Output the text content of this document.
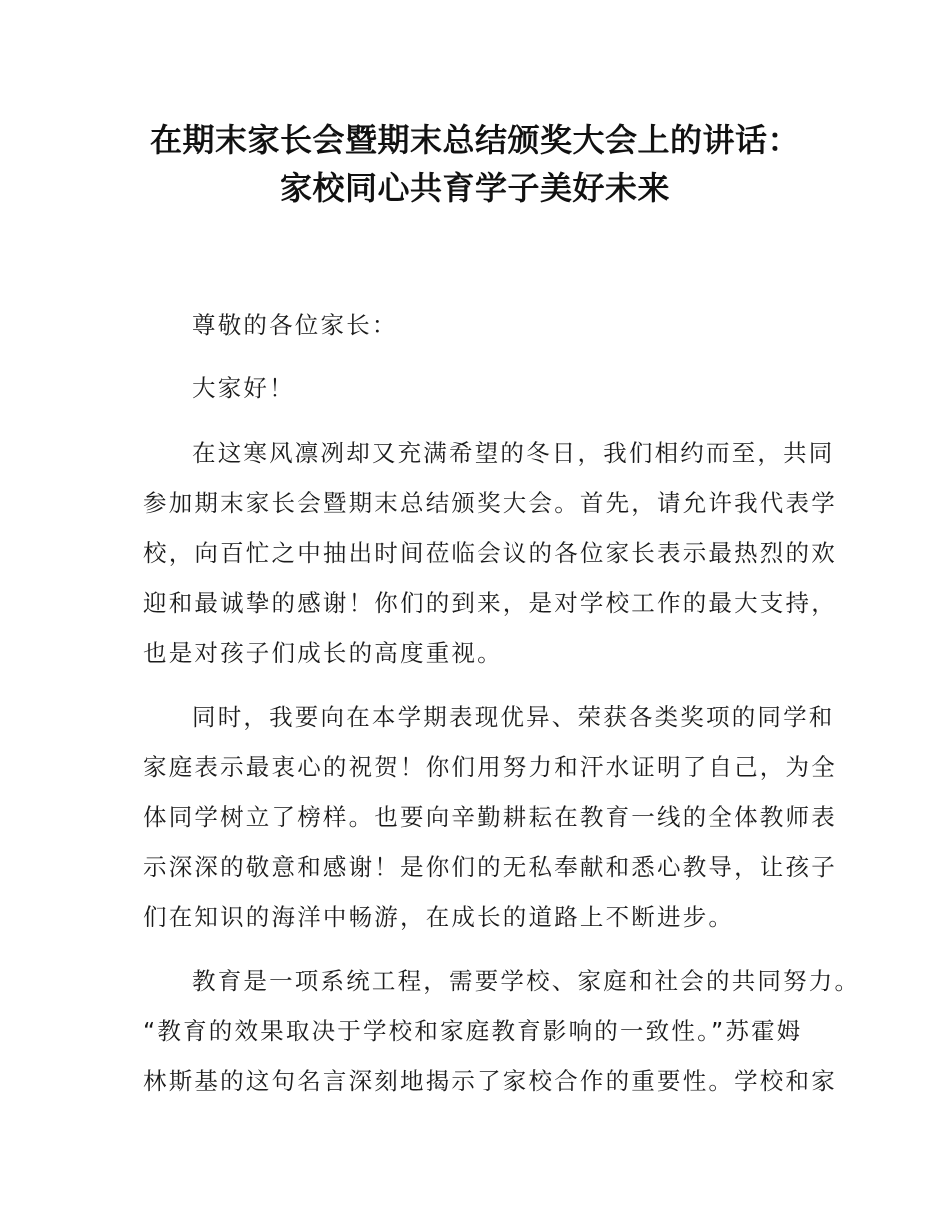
在期末家长会暨期末总结颁奖大会上的讲话：
家校同心共育学子美好未来
尊敬的各位家长：
大家好！
在这寒风凛冽却又充满希望的冬日，我们相约而至，共同
参加期末家长会暨期末总结颁奖大会。首先，请允许我代表学
校，向百忙之中抽出时间莅临会议的各位家长表示最热烈的欢
迎和最诚挚的感谢！你们的到来，是对学校工作的最大支持，
也是对孩子们成长的高度重视。
同时，我要向在本学期表现优异、荣获各类奖项的同学和
家庭表示最衷心的祝贺！你们用努力和汗水证明了自己，为全
体同学树立了榜样。也要向辛勤耕耘在教育一线的全体教师表
示深深的敬意和感谢！是你们的无私奉献和悉心教导，让孩子
们在知识的海洋中畅游，在成长的道路上不断进步。
教育是一项系统工程，需要学校、家庭和社会的共同努力。
“教育的效果取决于学校和家庭教育影响的一致性。”苏霍姆
林斯基的这句名言深刻地揭示了家校合作的重要性。学校和家
